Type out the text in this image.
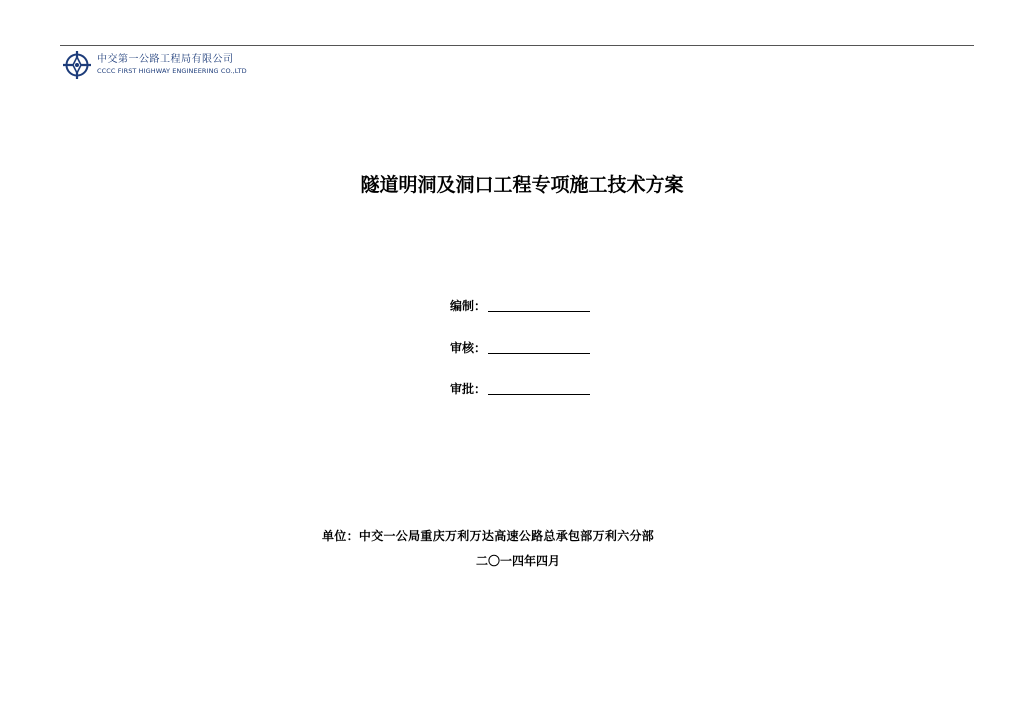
中交第一公路工程局有限公司
CCCC FIRST HIGHWAY ENGINEERING CO.,LTD
隧道明洞及洞口工程专项施工技术方案
编制：
审核：
审批：
单位：中交一公局重庆万利万达高速公路总承包部万利六分部
二〇一四年四月
